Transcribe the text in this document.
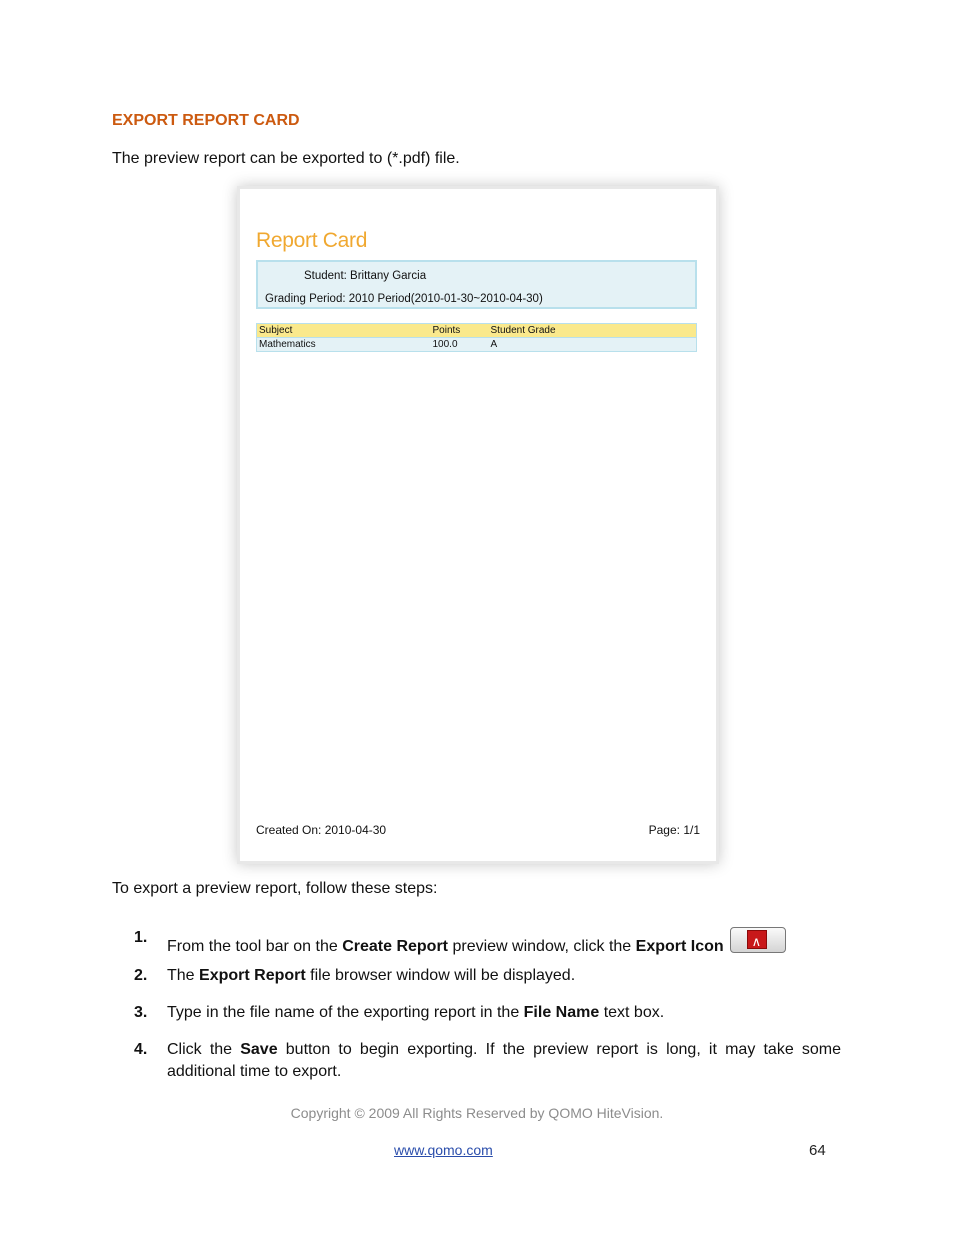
EXPORT REPORT CARD
The preview report can be exported to (*.pdf) file.
Report Card
Student: Brittany Garcia
Grading Period: 2010 Period(2010-01-30~2010-04-30)
Subject	Points	Student Grade
Mathematics	100.0	A
Created On: 2010-04-30	Page: 1/1
To export a preview report, follow these steps:
1.
From the tool bar on the Create Report preview window, click the Export Icon
∧
2. The Export Report file browser window will be displayed.
3. Type in the file name of the exporting report in the File Name text box.
4. Click the Save button to begin exporting. If the preview report is long, it may take some additional time to export.
Copyright © 2009 All Rights Reserved by QOMO HiteVision.
www.qomo.com	64
